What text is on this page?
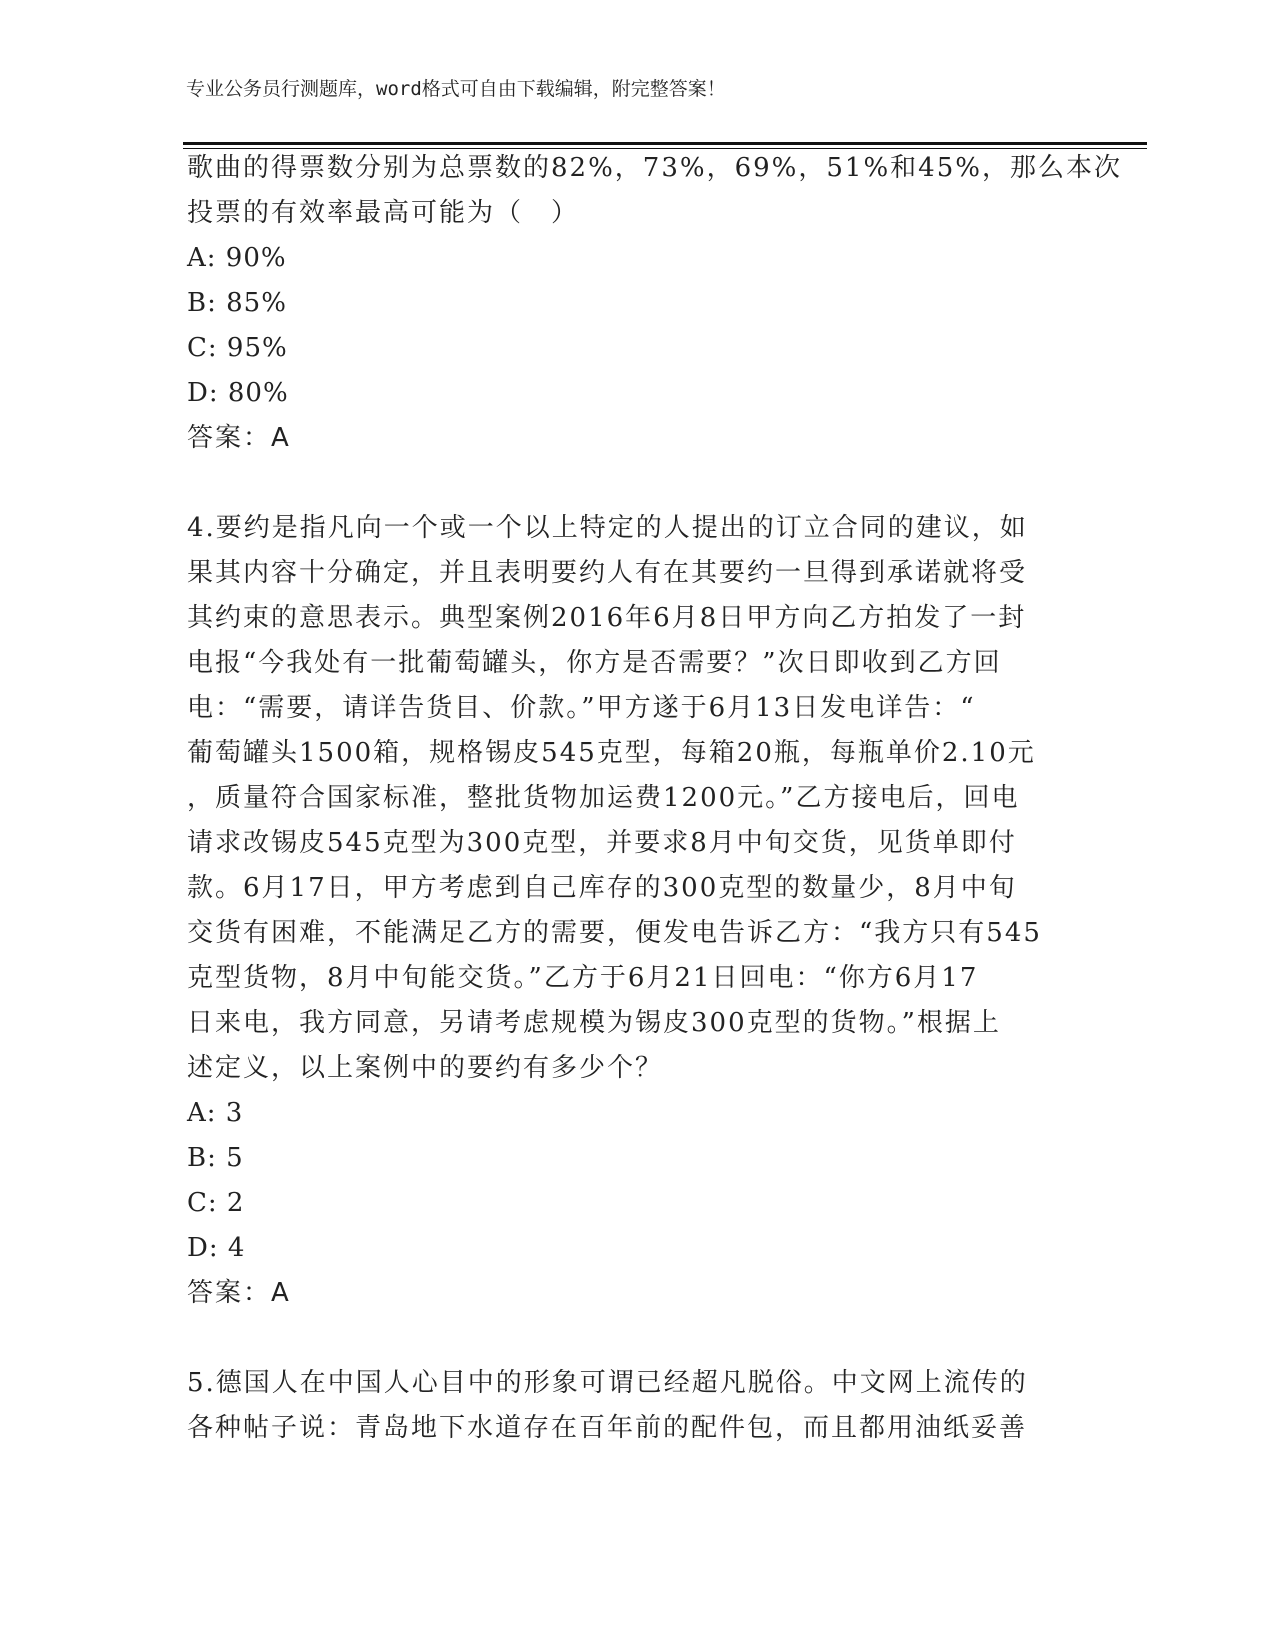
专业公务员行测题库，word格式可自由下载编辑，附完整答案！
歌曲的得票数分别为总票数的82%，73%，69%，51%和45%，那么本次
投票的有效率最高可能为（　）
A: 90%
B: 85%
C: 95%
D: 80%
答案：A
4.要约是指凡向一个或一个以上特定的人提出的订立合同的建议，如
果其内容十分确定，并且表明要约人有在其要约一旦得到承诺就将受
其约束的意思表示。典型案例2016年6月8日甲方向乙方拍发了一封
电报“今我处有一批葡萄罐头，你方是否需要？”次日即收到乙方回
电：“需要，请详告货目、价款。”甲方遂于6月13日发电详告：“
葡萄罐头1500箱，规格锡皮545克型，每箱20瓶，每瓶单价2.10元
，质量符合国家标准，整批货物加运费1200元。”乙方接电后，回电
请求改锡皮545克型为300克型，并要求8月中旬交货，见货单即付
款。6月17日，甲方考虑到自己库存的300克型的数量少，8月中旬
交货有困难，不能满足乙方的需要，便发电告诉乙方：“我方只有545
克型货物，8月中旬能交货。”乙方于6月21日回电：“你方6月17
日来电，我方同意，另请考虑规模为锡皮300克型的货物。”根据上
述定义，以上案例中的要约有多少个？
A: 3
B: 5
C: 2
D: 4
答案：A
5.德国人在中国人心目中的形象可谓已经超凡脱俗。中文网上流传的
各种帖子说：青岛地下水道存在百年前的配件包，而且都用油纸妥善
